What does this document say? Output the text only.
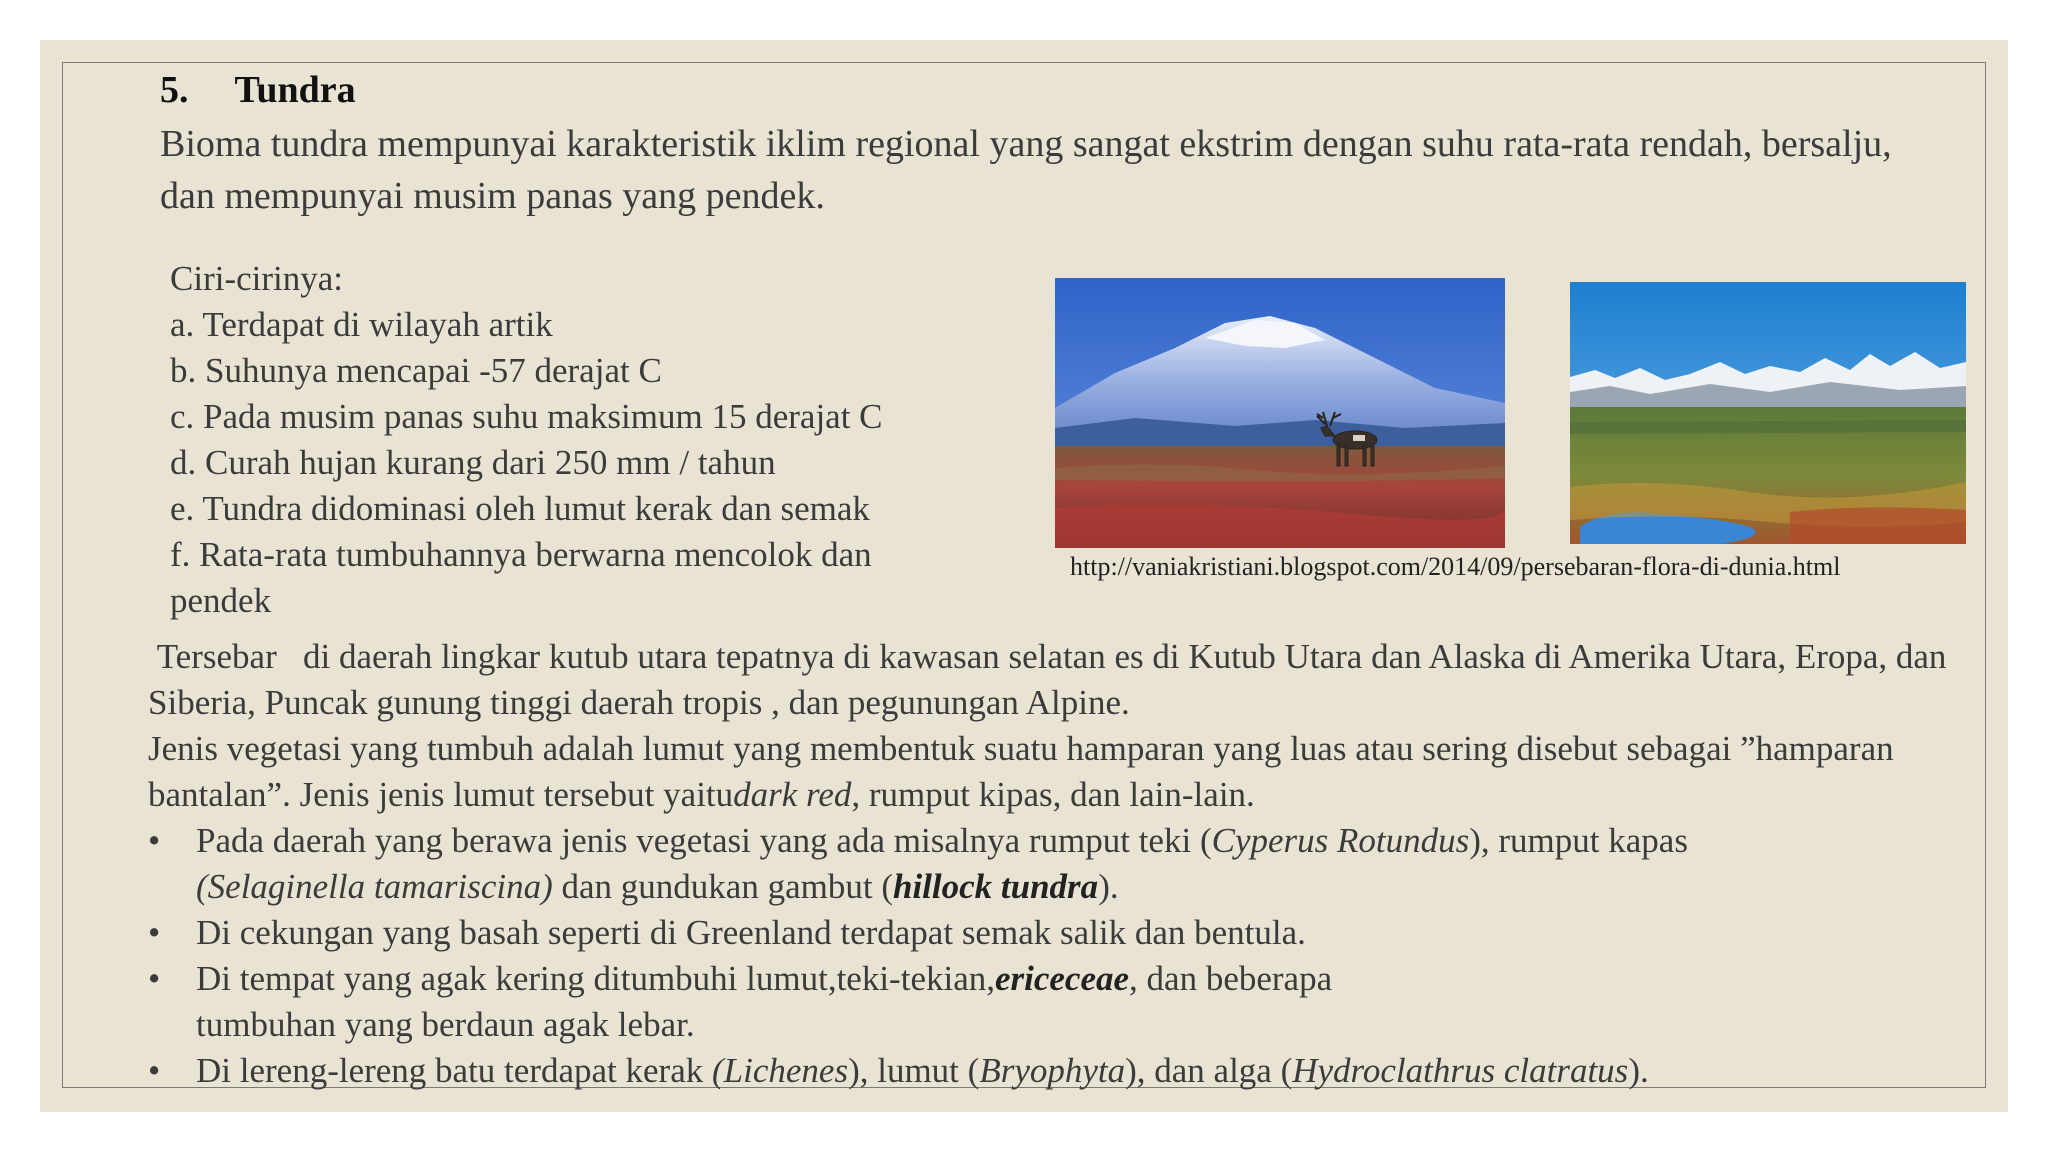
5. Tundra
Bioma tundra mempunyai karakteristik iklim regional yang sangat ekstrim dengan suhu rata-rata rendah, bersalju, dan mempunyai musim panas yang pendek.
Ciri-cirinya:
a. Terdapat di wilayah artik
b. Suhunya mencapai -57 derajat C
c. Pada musim panas suhu maksimum 15 derajat C
d. Curah hujan kurang dari 250 mm / tahun
e. Tundra didominasi oleh lumut kerak dan semak
f. Rata-rata tumbuhannya berwarna mencolok dan
pendek
http://vaniakristiani.blogspot.com/2014/09/persebaran-flora-di-dunia.html

Tersebar   di daerah lingkar kutub utara tepatnya di kawasan selatan es di Kutub Utara dan Alaska di Amerika Utara, Eropa, dan Siberia, Puncak gunung tinggi daerah tropis , dan pegunungan Alpine.

Jenis vegetasi yang tumbuh adalah lumut yang membentuk suatu hamparan yang luas atau sering disebut sebagai ”hamparan bantalan”. Jenis jenis lumut tersebut yaitudark red, rumput kipas, dan lain-lain.

• Pada daerah yang berawa jenis vegetasi yang ada misalnya rumput teki (Cyperus Rotundus), rumput kapas (Selaginella tamariscina) dan gundukan gambut (hillock tundra).
• Di cekungan yang basah seperti di Greenland terdapat semak salik dan bentula.
• Di tempat yang agak kering ditumbuhi lumut,teki-tekian,ericeceae, dan beberapa tumbuhan yang berdaun agak lebar.
• Di lereng-lereng batu terdapat kerak (Lichenes), lumut (Bryophyta), dan alga (Hydroclathrus clatratus).
